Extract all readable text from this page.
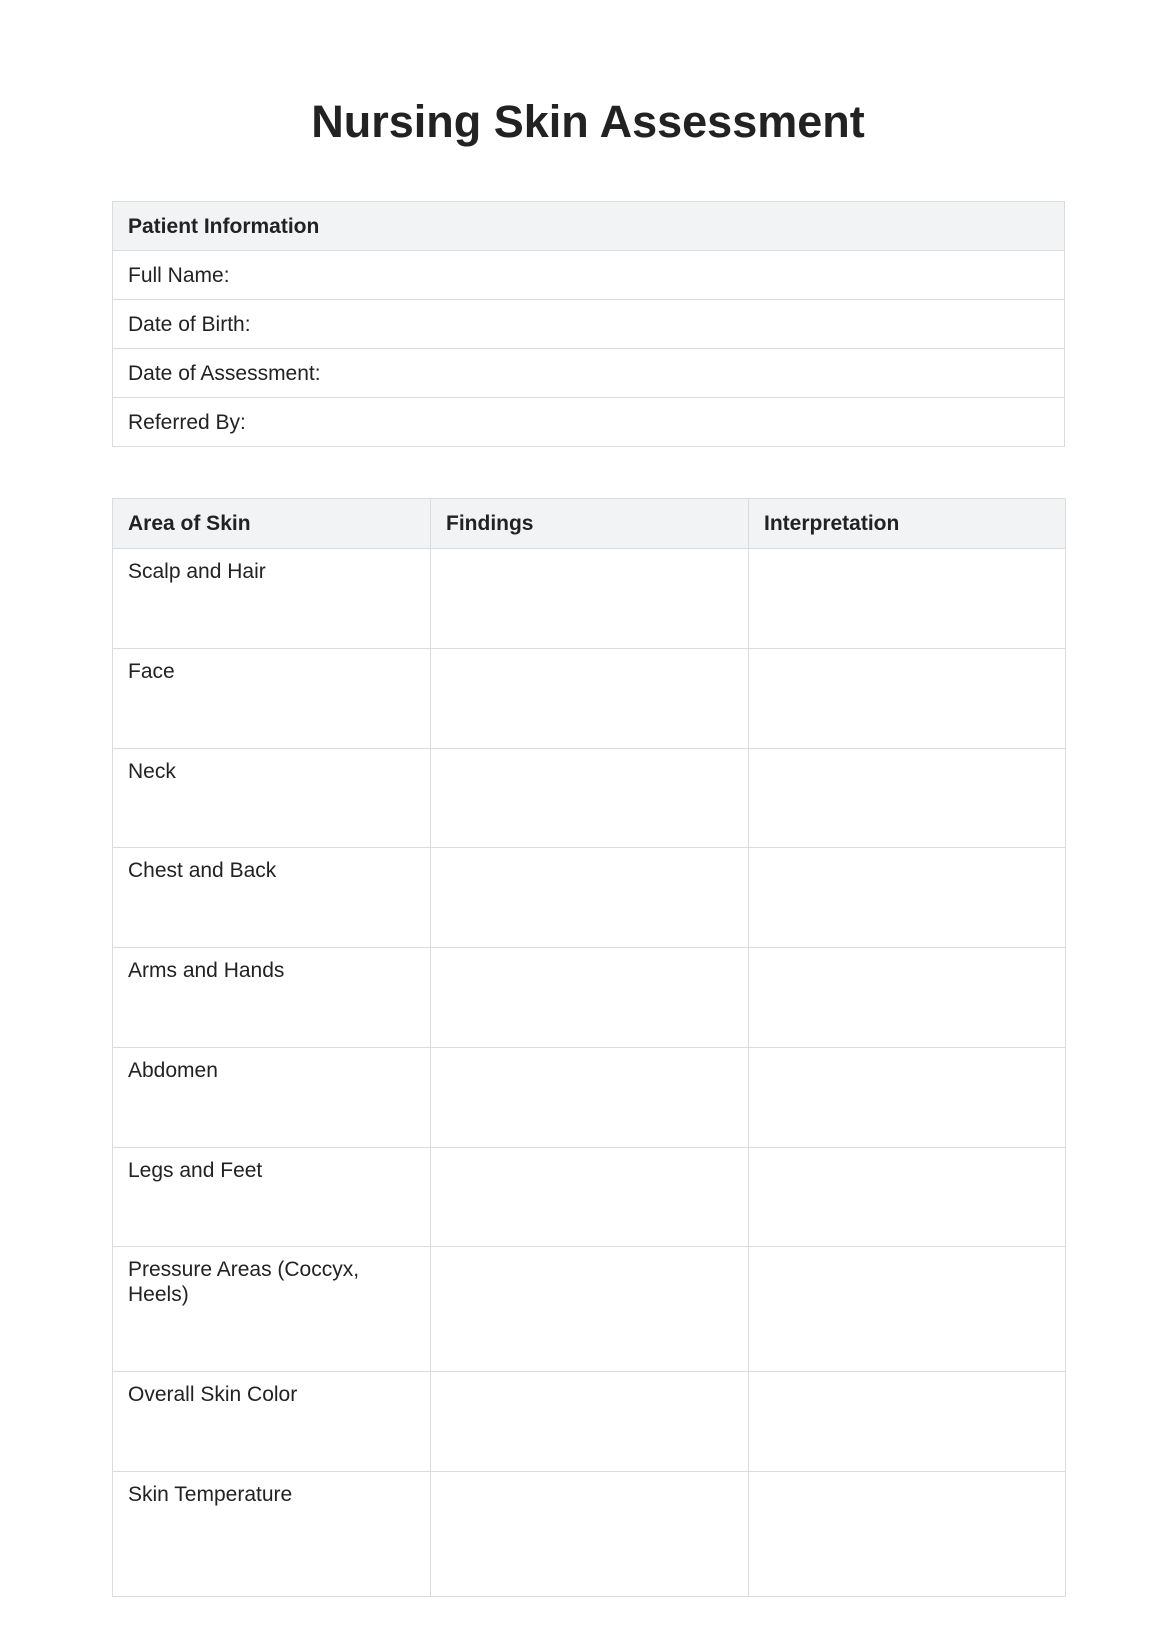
Nursing Skin Assessment
Patient Information
Full Name:
Date of Birth:
Date of Assessment:
Referred By:
Area of Skin	Findings	Interpretation
Scalp and Hair		
Face		
Neck		
Chest and Back		
Arms and Hands		
Abdomen		
Legs and Feet		
Pressure Areas (Coccyx, Heels)		
Overall Skin Color		
Skin Temperature		
